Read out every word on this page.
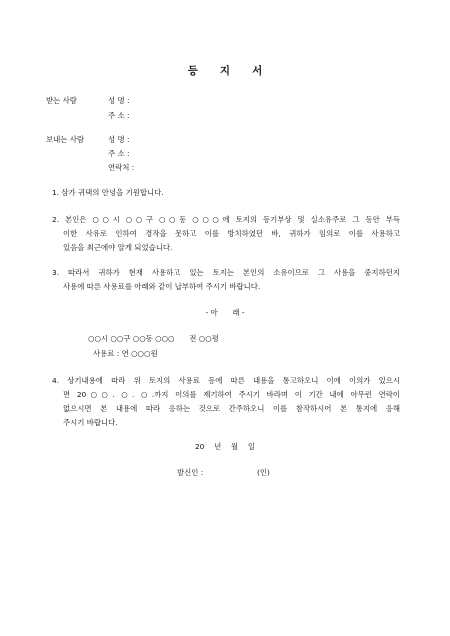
등 지 서
받는 사람	성 명 :
주 소 :
보내는 사람	성 명 :
주 소 :
연락처 :
1. 삼가 귀댁의 안녕을 기원합니다.
2. 본인은 ○○시 ○○구 ○○동 ○○○에 토지의 등기부상 및 실소유주로 그 동안 부득
이한 사유로 인하여 경작을 못하고 이를 방치하였던 바, 귀하가 임의로 이를 사용하고
있음을 최근에야 알게 되었습니다.
3. 따라서 귀하가 현재 사용하고 있는 토지는 본인의 소유이므로 그 사용을 중지하던지
사용에 따른 사용료를 아래와 같이 납부하여 주시기 바랍니다.
- 아　　래 -
○○시 ○○구 ○○동 ○○○　　전 ○○평
사용료 : 연 ○○○원
4. 상기내용에 따라 위 토지의 사용료 등에 따른 내용을 통고하오니 이에 이의가 있으시
면 20○○. ○. ○.까지 이의를 제기하여 주시기 바라며 이 기간 내에 아무런 연락이
없으시면 본 내용에 따라 응하는 것으로 간주하오니 이를 참작하시어 본 통지에 응해
주시기 바랍니다.
20　 년　 월　 일
발신인 :	(인)
